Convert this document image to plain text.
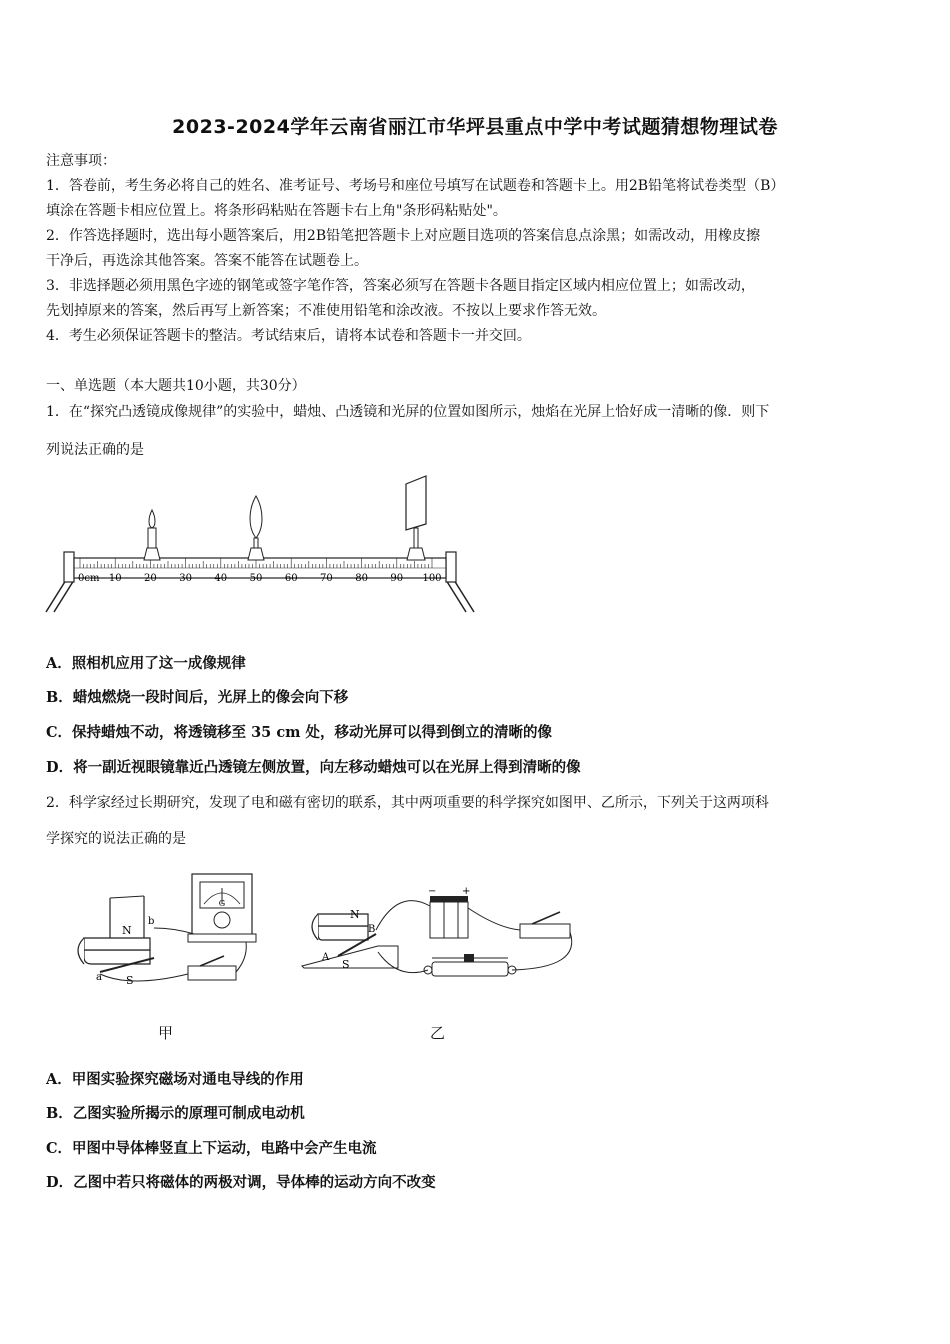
2023-2024学年云南省丽江市华坪县重点中学中考试题猜想物理试卷
注意事项：
1．答卷前，考生务必将自己的姓名、准考证号、考场号和座位号填写在试题卷和答题卡上。用2B铅笔将试卷类型（B）
填涂在答题卡相应位置上。将条形码粘贴在答题卡右上角"条形码粘贴处"。
2．作答选择题时，选出每小题答案后，用2B铅笔把答题卡上对应题目选项的答案信息点涂黑；如需改动，用橡皮擦
干净后，再选涂其他答案。答案不能答在试题卷上。
3．非选择题必须用黑色字迹的钢笔或签字笔作答，答案必须写在答题卡各题目指定区域内相应位置上；如需改动，
先划掉原来的答案，然后再写上新答案；不准使用铅笔和涂改液。不按以上要求作答无效。
4．考生必须保证答题卡的整洁。考试结束后，请将本试卷和答题卡一并交回。
一、单选题（本大题共10小题，共30分）
1．在“探究凸透镜成像规律”的实验中，蜡烛、凸透镜和光屏的位置如图所示，烛焰在光屏上恰好成一清晰的像．则下
列说法正确的是
0cm 10 20 30 40 50 60 70 80 90 100
A．照相机应用了这一成像规律
B．蜡烛燃烧一段时间后，光屏上的像会向下移
C．保持蜡烛不动，将透镜移至 35 cm 处，移动光屏可以得到倒立的清晰的像
D．将一副近视眼镜靠近凸透镜左侧放置，向左移动蜡烛可以在光屏上得到清晰的像
2．科学家经过长期研究，发现了电和磁有密切的联系，其中两项重要的科学探究如图甲、乙所示，下列关于这两项科
学探究的说法正确的是
G
N
S
a
b
甲
N
S
A
B
−	+
乙
A．甲图实验探究磁场对通电导线的作用
B．乙图实验所揭示的原理可制成电动机
C．甲图中导体棒竖直上下运动，电路中会产生电流
D．乙图中若只将磁体的两极对调，导体棒的运动方向不改变
